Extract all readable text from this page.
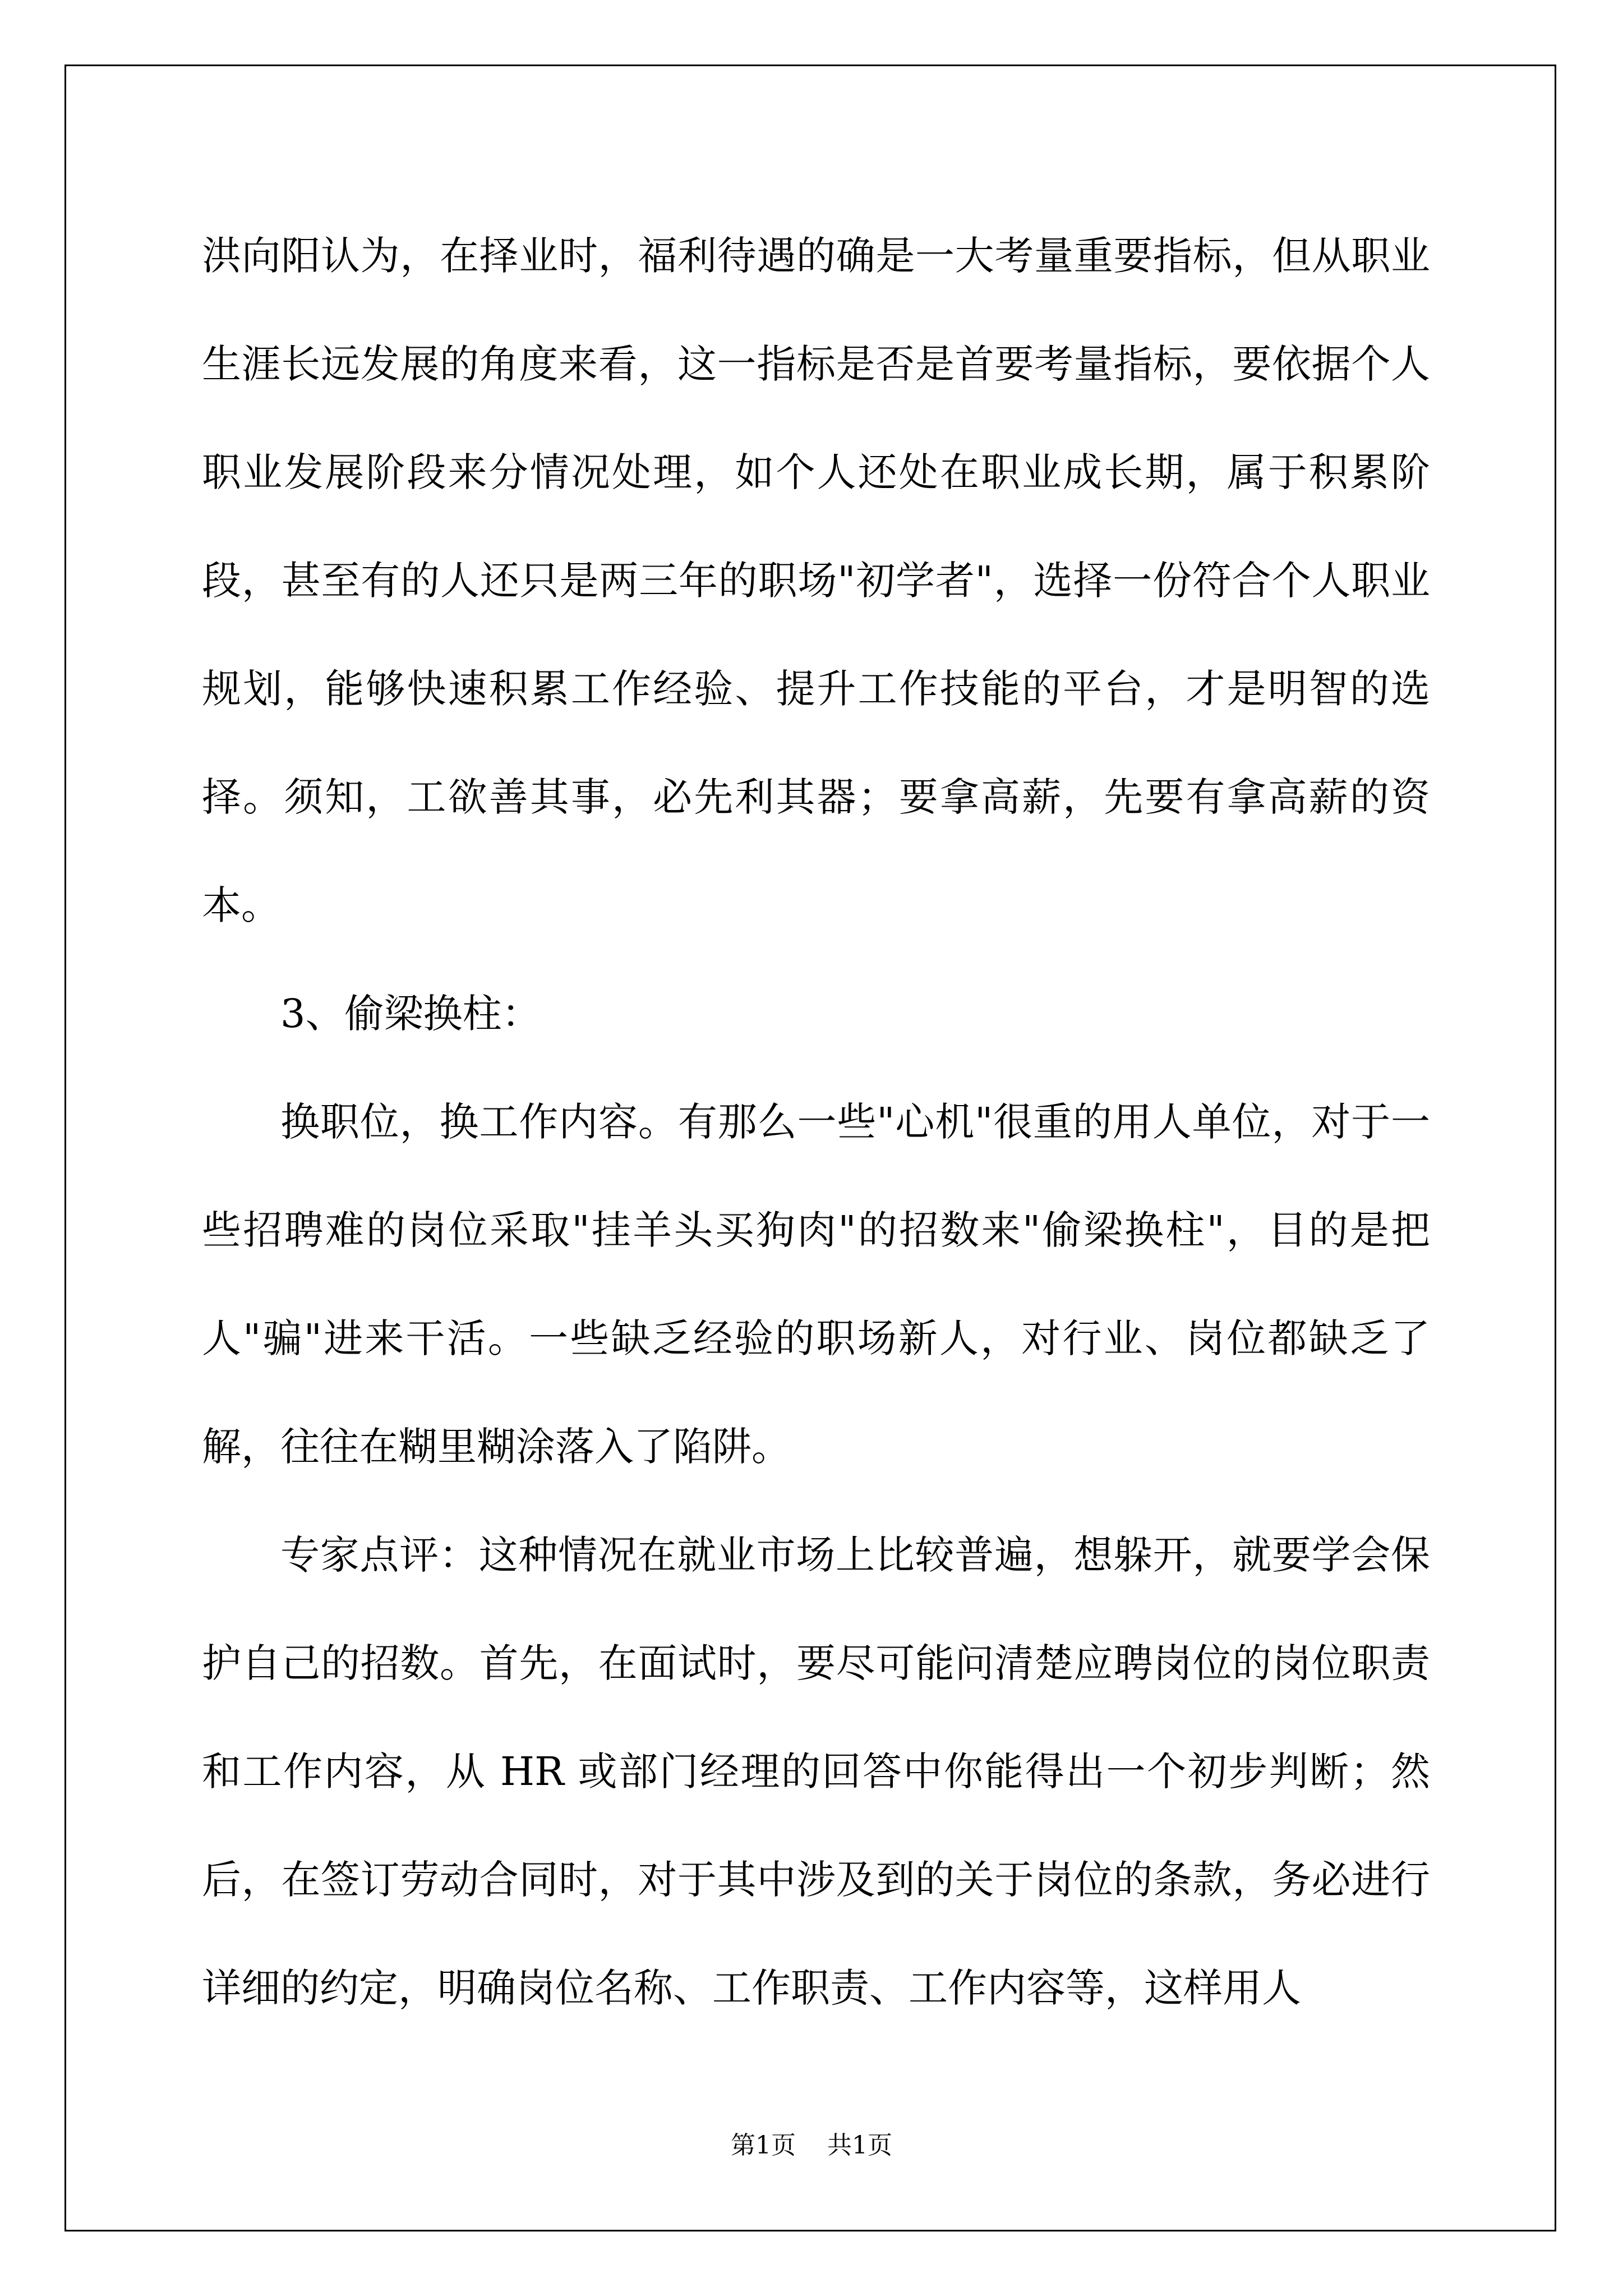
洪向阳认为，在择业时，福利待遇的确是一大考量重要指标，但从职业生涯长远发展的角度来看，这一指标是否是首要考量指标，要依据个人职业发展阶段来分情况处理，如个人还处在职业成长期，属于积累阶段，甚至有的人还只是两三年的职场"初学者"，选择一份符合个人职业规划，能够快速积累工作经验、提升工作技能的平台，才是明智的选择。须知，工欲善其事，必先利其器；要拿高薪，先要有拿高薪的资本。

3、偷梁换柱：

换职位，换工作内容。有那么一些"心机"很重的用人单位，对于一些招聘难的岗位采取"挂羊头买狗肉"的招数来"偷梁换柱"，目的是把人"骗"进来干活。一些缺乏经验的职场新人，对行业、岗位都缺乏了解，往往在糊里糊涂落入了陷阱。

专家点评：这种情况在就业市场上比较普遍，想躲开，就要学会保护自己的招数。首先，在面试时，要尽可能问清楚应聘岗位的岗位职责和工作内容，从 HR 或部门经理的回答中你能得出一个初步判断；然后，在签订劳动合同时，对于其中涉及到的关于岗位的条款，务必进行详细的约定，明确岗位名称、工作职责、工作内容等，这样用人

第1页 共1页
